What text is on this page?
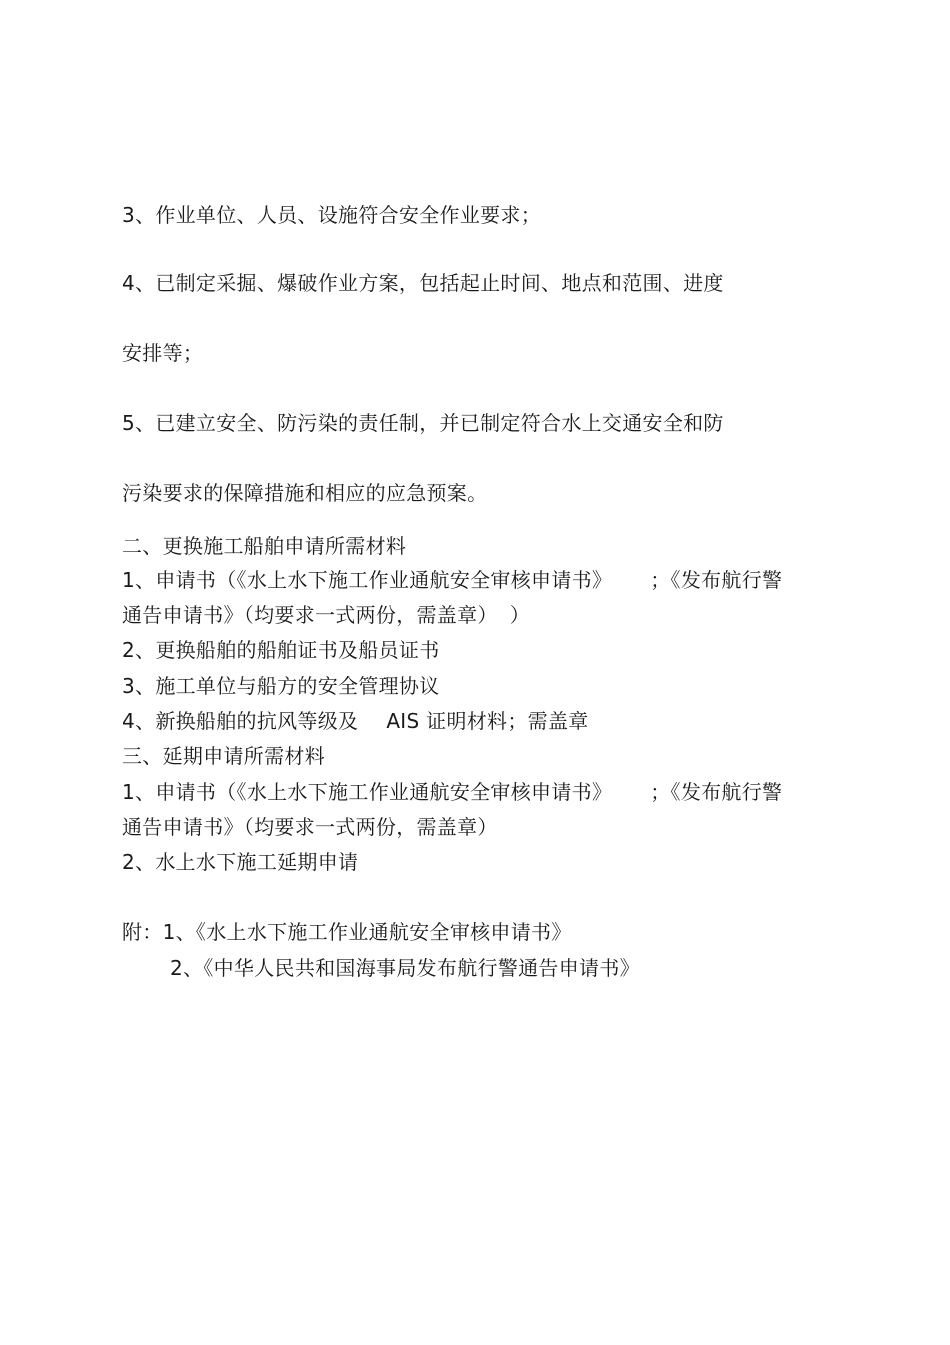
3、作业单位、人员、设施符合安全作业要求；
4、已制定采掘、爆破作业方案，包括起止时间、地点和范围、进度
安排等；
5、已建立安全、防污染的责任制，并已制定符合水上交通安全和防
污染要求的保障措施和相应的应急预案。
二、更换施工船舶申请所需材料
1、申请书（《水上水下施工作业通航安全审核申请书》 ；《发布航行警
通告申请书》（均要求一式两份，需盖章） ）
2、更换船舶的船舶证书及船员证书
3、施工单位与船方的安全管理协议
4、新换船舶的抗风等级及 AIS 证明材料；需盖章
三、延期申请所需材料
1、申请书（《水上水下施工作业通航安全审核申请书》 ；《发布航行警
通告申请书》（均要求一式两份，需盖章）
2、水上水下施工延期申请
附：1、《水上水下施工作业通航安全审核申请书》
2、《中华人民共和国海事局发布航行警通告申请书》
